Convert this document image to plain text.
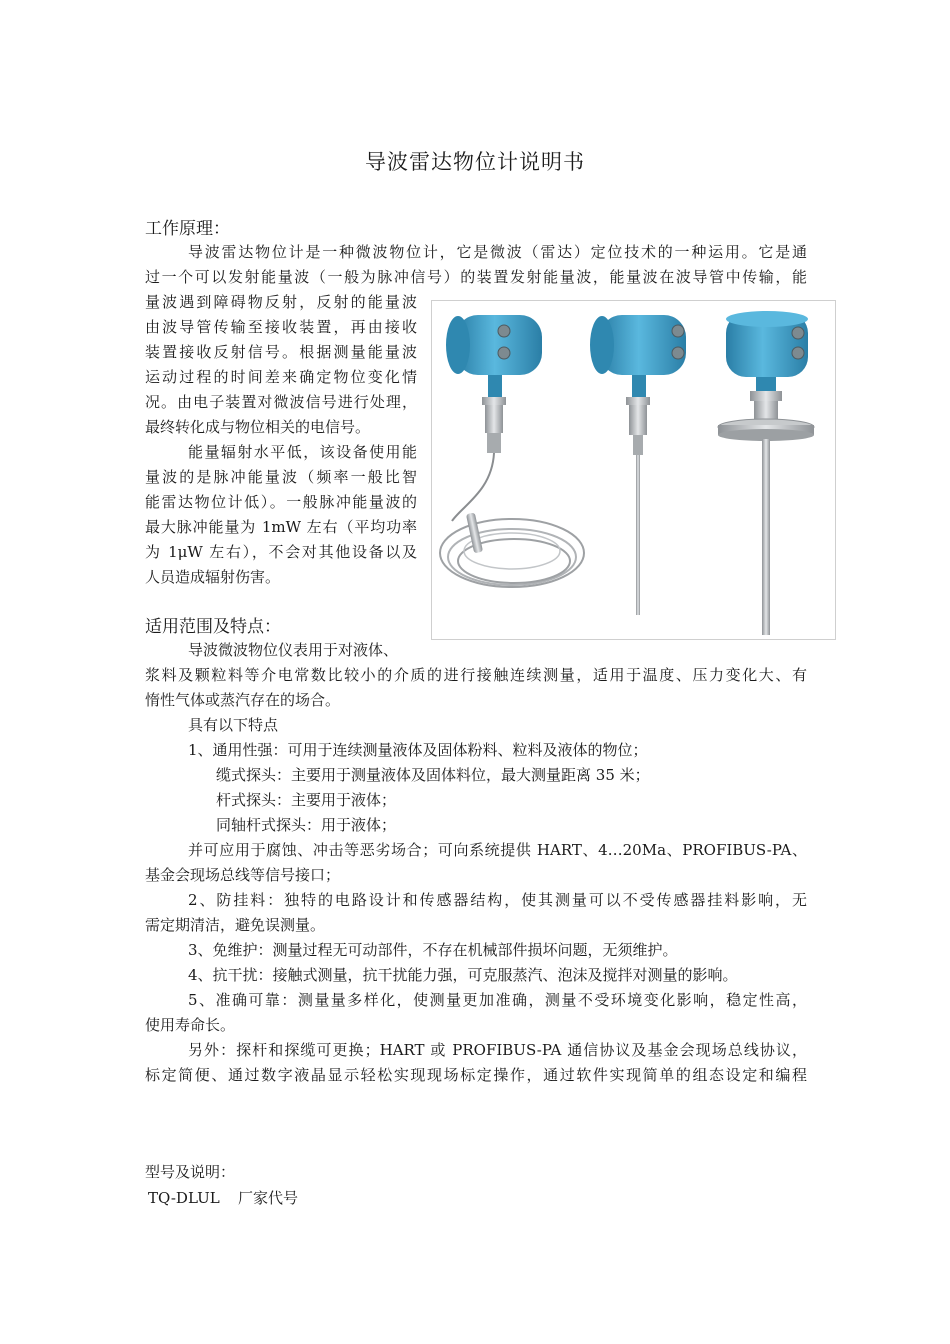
导波雷达物位计说明书
工作原理：
导波雷达物位计是一种微波物位计，它是微波（雷达）定位技术的一种运用。它是通
过一个可以发射能量波（一般为脉冲信号）的装置发射能量波，能量波在波导管中传输，能
量波遇到障碍物反射，反射的能量波
由波导管传输至接收装置，再由接收
装置接收反射信号。根据测量能量波
运动过程的时间差来确定物位变化情
况。由电子装置对微波信号进行处理，
最终转化成与物位相关的电信号。
能量辐射水平低，该设备使用能
量波的是脉冲能量波（频率一般比智
能雷达物位计低）。一般脉冲能量波的
最大脉冲能量为 1mW 左右（平均功率
为 1μW 左右），不会对其他设备以及
人员造成辐射伤害。
适用范围及特点：
导波微波物位仪表用于对液体、
浆料及颗粒料等介电常数比较小的介质的进行接触连续测量，适用于温度、压力变化大、有
惰性气体或蒸汽存在的场合。
具有以下特点
1、通用性强：可用于连续测量液体及固体粉料、粒料及液体的物位；
缆式探头：主要用于测量液体及固体料位，最大测量距离 35 米；
杆式探头：主要用于液体；
同轴杆式探头：用于液体；
并可应用于腐蚀、冲击等恶劣场合；可向系统提供 HART、4…20Ma、PROFIBUS-PA、
基金会现场总线等信号接口；
2、防挂料：独特的电路设计和传感器结构，使其测量可以不受传感器挂料影响，无
需定期清洁，避免误测量。
3、免维护：测量过程无可动部件，不存在机械部件损坏问题，无须维护。
4、抗干扰：接触式测量，抗干扰能力强，可克服蒸汽、泡沫及搅拌对测量的影响。
5、准确可靠：测量量多样化，使测量更加准确，测量不受环境变化影响，稳定性高，
使用寿命长。
另外：探杆和探缆可更换；HART 或 PROFIBUS-PA 通信协议及基金会现场总线协议，
标定简便、通过数字液晶显示轻松实现现场标定操作，通过软件实现简单的组态设定和编程
型号及说明：
TQ-DLUL 厂家代号
